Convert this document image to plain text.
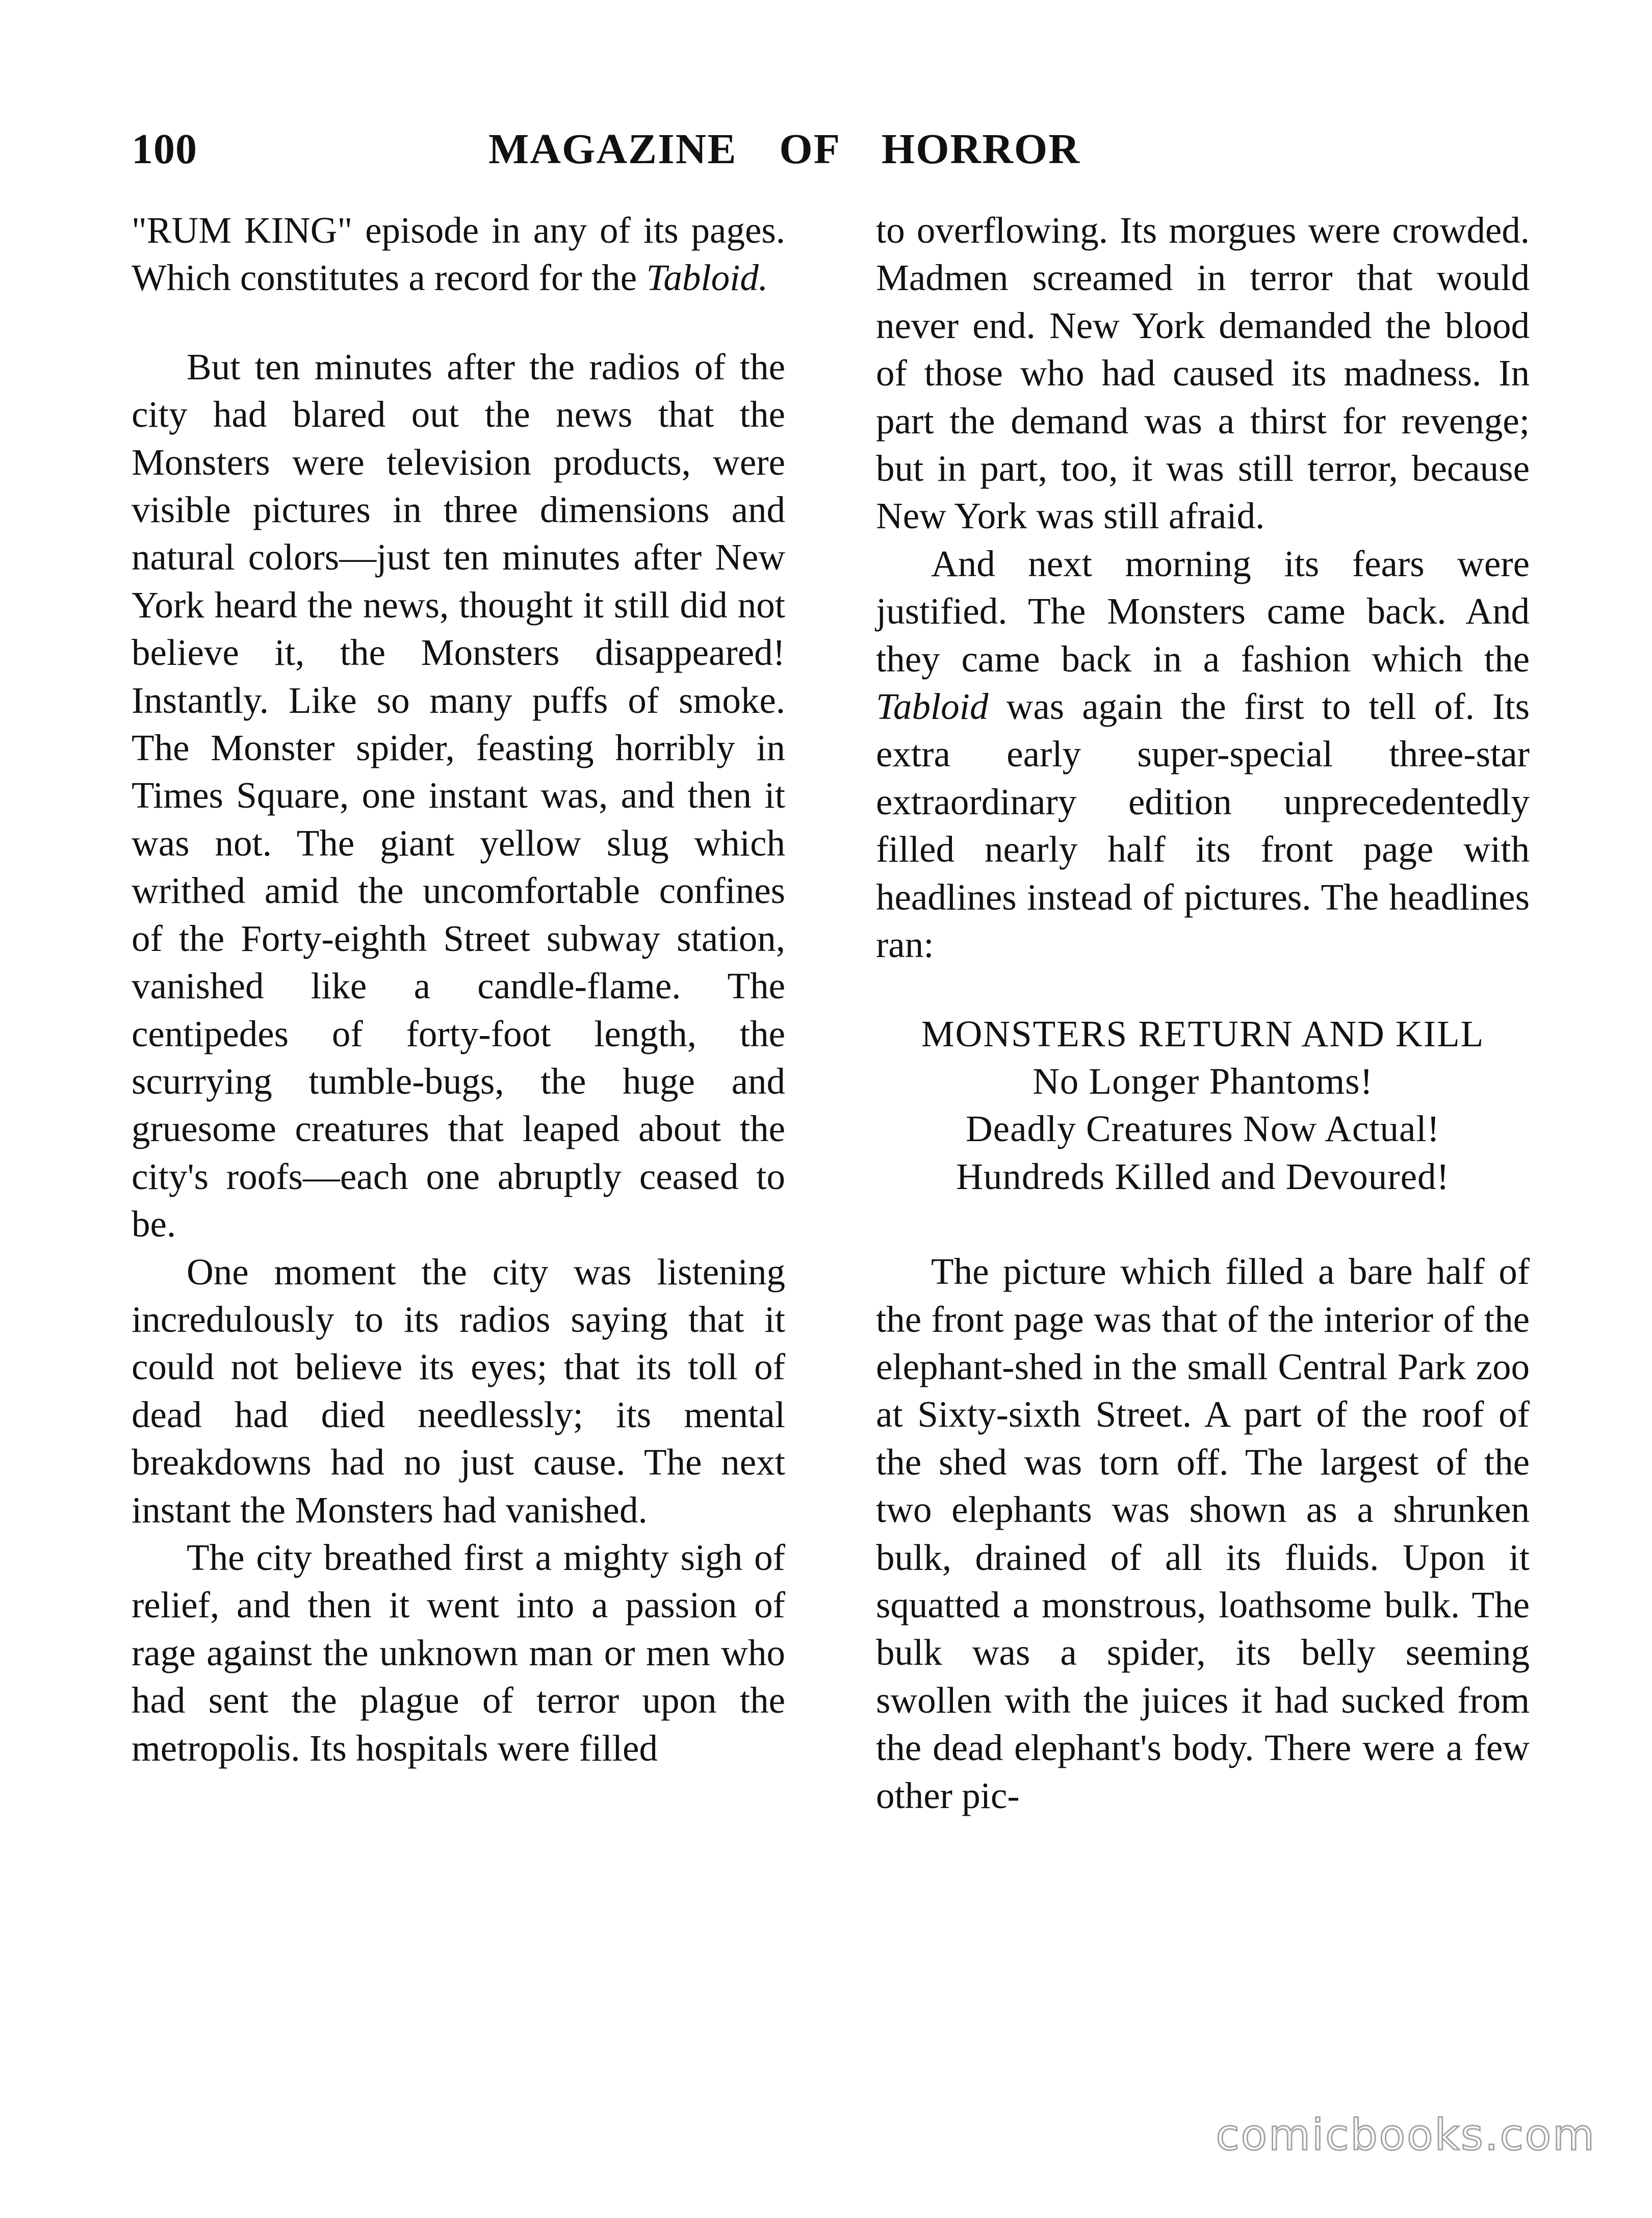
100	MAGAZINE OF HORROR

"RUM KING" episode in any of its pages. Which constitutes a record for the Tabloid.

But ten minutes after the radios of the city had blared out the news that the Monsters were television products, were visible pictures in three dimensions and natural colors—just ten minutes after New York heard the news, thought it still did not believe it, the Monsters disappeared! Instantly. Like so many puffs of smoke. The Monster spider, feasting horribly in Times Square, one instant was, and then it was not. The giant yellow slug which writhed amid the uncomfortable confines of the Forty-eighth Street subway station, vanished like a candle-flame. The centipedes of forty-foot length, the scurrying tumble-bugs, the huge and gruesome creatures that leaped about the city's roofs—each one abruptly ceased to be.

One moment the city was listening incredulously to its radios saying that it could not believe its eyes; that its toll of dead had died needlessly; its mental breakdowns had no just cause. The next instant the Monsters had vanished.

The city breathed first a mighty sigh of relief, and then it went into a passion of rage against the unknown man or men who had sent the plague of terror upon the metropolis. Its hospitals were filled

to overflowing. Its morgues were crowded. Madmen screamed in terror that would never end. New York demanded the blood of those who had caused its madness. In part the demand was a thirst for revenge; but in part, too, it was still terror, because New York was still afraid.

And next morning its fears were justified. The Monsters came back. And they came back in a fashion which the Tabloid was again the first to tell of. Its extra early super-special three-star extraordinary edition unprecedentedly filled nearly half its front page with headlines instead of pictures. The headlines ran:

MONSTERS RETURN AND KILL
No Longer Phantoms!
Deadly Creatures Now Actual!
Hundreds Killed and Devoured!

The picture which filled a bare half of the front page was that of the interior of the elephant-shed in the small Central Park zoo at Sixty-sixth Street. A part of the roof of the shed was torn off. The largest of the two elephants was shown as a shrunken bulk, drained of all its fluids. Upon it squatted a monstrous, loathsome bulk. The bulk was a spider, its belly seeming swollen with the juices it had sucked from the dead elephant's body. There were a few other pic-

comicbooks.com
